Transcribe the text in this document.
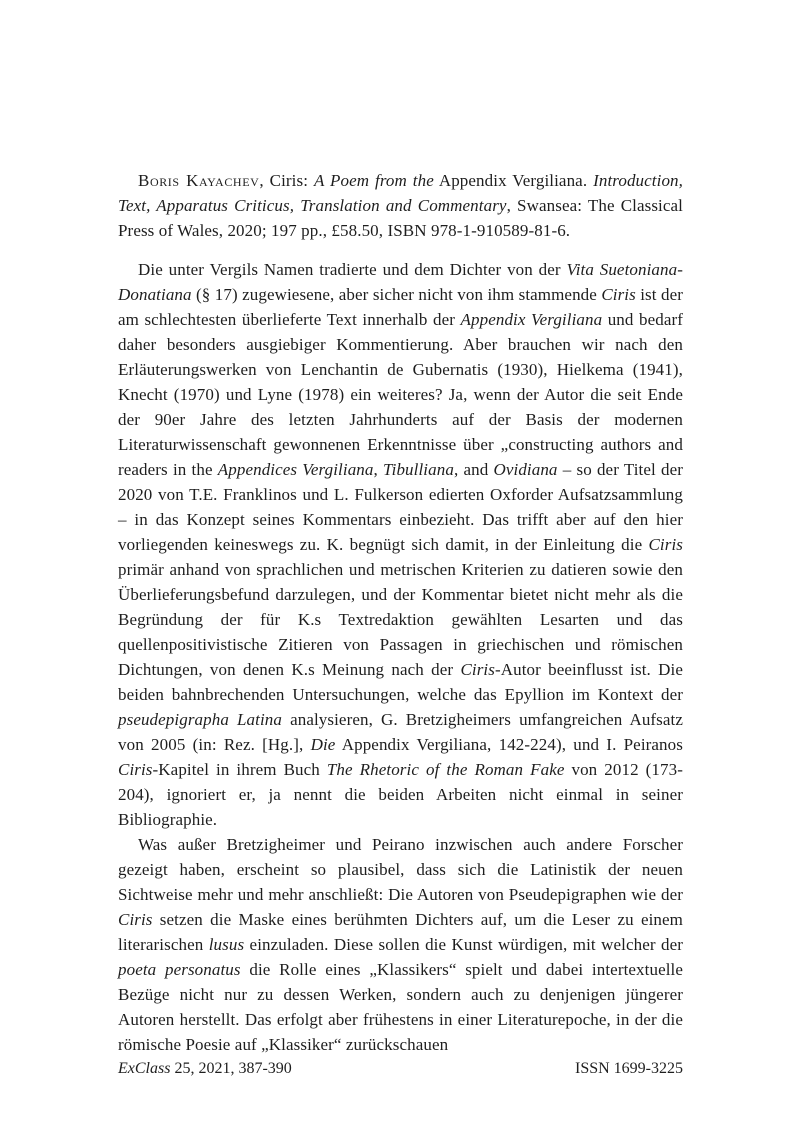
Boris Kayachev, Ciris: A Poem from the Appendix Vergiliana. Introduction, Text, Apparatus Criticus, Translation and Commentary, Swansea: The Classical Press of Wales, 2020; 197 pp., £58.50, ISBN 978-1-910589-81-6.

Die unter Vergils Namen tradierte und dem Dichter von der Vita Suetoniana-Donatiana (§ 17) zugewiesene, aber sicher nicht von ihm stammende Ciris ist der am schlechtesten überlieferte Text innerhalb der Appendix Vergiliana und bedarf daher besonders ausgiebiger Kommentierung. Aber brauchen wir nach den Erläuterungswerken von Lenchantin de Gubernatis (1930), Hielkema (1941), Knecht (1970) und Lyne (1978) ein weiteres? Ja, wenn der Autor die seit Ende der 90er Jahre des letzten Jahrhunderts auf der Basis der modernen Literaturwissenschaft gewonnenen Erkenntnisse über „constructing authors and readers in the Appendices Vergiliana, Tibulliana, and Ovidiana – so der Titel der 2020 von T.E. Franklinos und L. Fulkerson edierten Oxforder Aufsatzsammlung – in das Konzept seines Kommentars einbezieht. Das trifft aber auf den hier vorliegenden keineswegs zu. K. begnügt sich damit, in der Einleitung die Ciris primär anhand von sprachlichen und metrischen Kriterien zu datieren sowie den Überlieferungsbefund darzulegen, und der Kommentar bietet nicht mehr als die Begründung der für K.s Textredaktion gewählten Lesarten und das quellenpositivistische Zitieren von Passagen in griechischen und römischen Dichtungen, von denen K.s Meinung nach der Ciris-Autor beeinflusst ist. Die beiden bahnbrechenden Untersuchungen, welche das Epyllion im Kontext der pseudepigrapha Latina analysieren, G. Bretzigheimers umfangreichen Aufsatz von 2005 (in: Rez. [Hg.], Die Appendix Vergiliana, 142-224), und I. Peiranos Ciris-Kapitel in ihrem Buch The Rhetoric of the Roman Fake von 2012 (173-204), ignoriert er, ja nennt die beiden Arbeiten nicht einmal in seiner Bibliographie.

Was außer Bretzigheimer und Peirano inzwischen auch andere Forscher gezeigt haben, erscheint so plausibel, dass sich die Latinistik der neuen Sichtweise mehr und mehr anschließt: Die Autoren von Pseudepigraphen wie der Ciris setzen die Maske eines berühmten Dichters auf, um die Leser zu einem literarischen lusus einzuladen. Diese sollen die Kunst würdigen, mit welcher der poeta personatus die Rolle eines „Klassikers“ spielt und dabei intertextuelle Bezüge nicht nur zu dessen Werken, sondern auch zu denjenigen jüngerer Autoren herstellt. Das erfolgt aber frühestens in einer Literaturepoche, in der die römische Poesie auf „Klassiker“ zurückschauen

ExClass 25, 2021, 387-390	ISSN 1699-3225
